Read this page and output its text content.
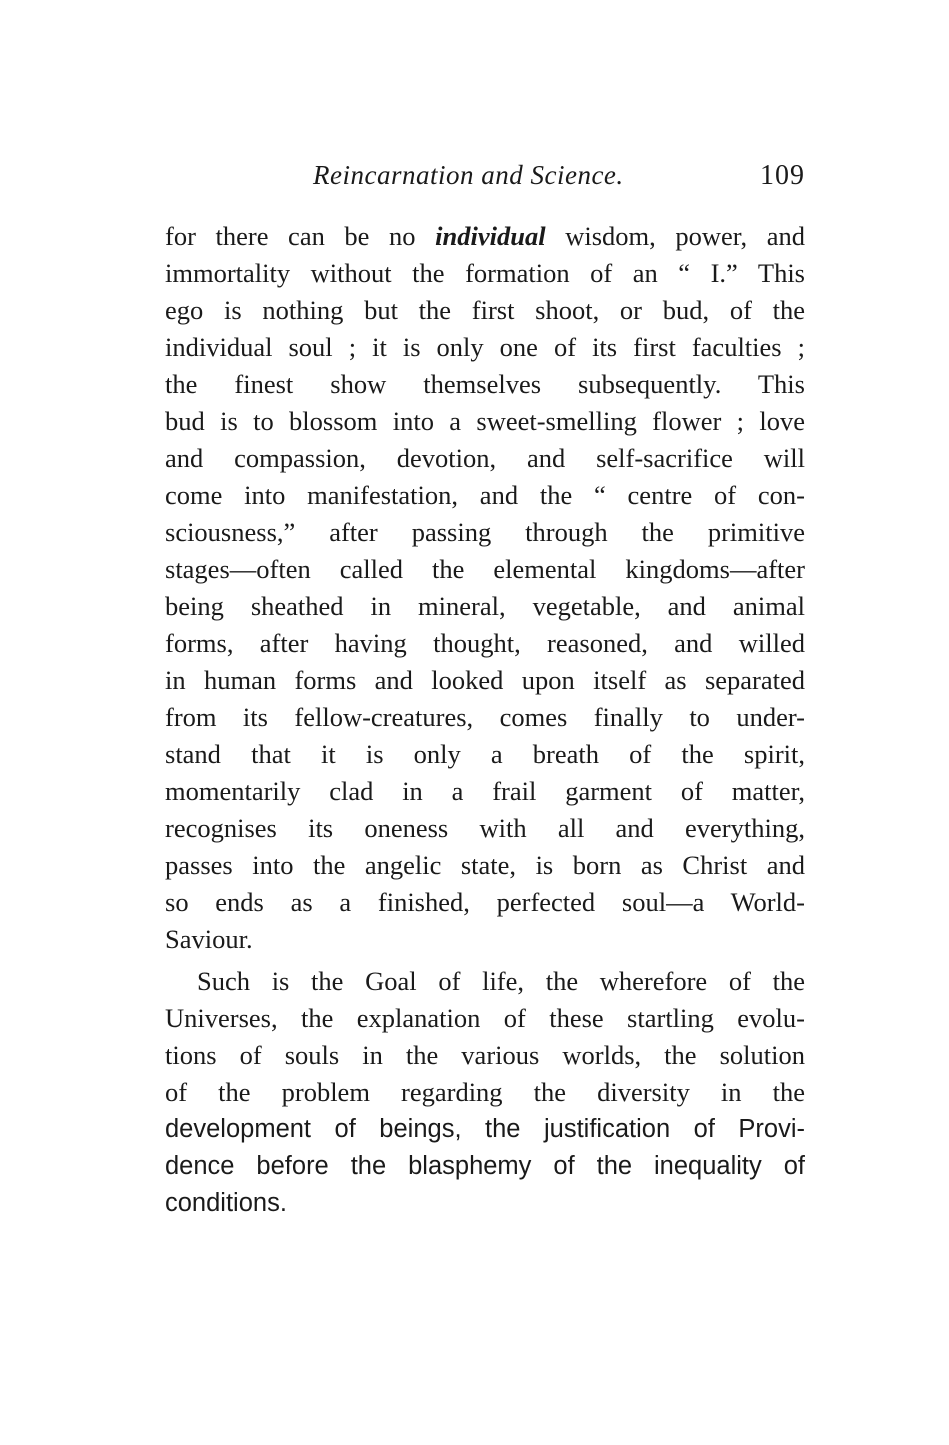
Reincarnation and Science.	109
for there can be no individual wisdom, power, and
immortality without the formation of an “ I.” This
ego is nothing but the first shoot, or bud, of the
individual soul ; it is only one of its first faculties ;
the finest show themselves subsequently. This
bud is to blossom into a sweet-smelling flower ; love
and compassion, devotion, and self-sacrifice will
come into manifestation, and the “ centre of con-
sciousness,” after passing through the primitive
stages—often called the elemental kingdoms—after
being sheathed in mineral, vegetable, and animal
forms, after having thought, reasoned, and willed
in human forms and looked upon itself as separated
from its fellow-creatures, comes finally to under-
stand that it is only a breath of the spirit,
momentarily clad in a frail garment of matter,
recognises its oneness with all and everything,
passes into the angelic state, is born as Christ and
so ends as a finished, perfected soul—a World-
Saviour.
Such is the Goal of life, the wherefore of the
Universes, the explanation of these startling evolu-
tions of souls in the various worlds, the solution
of the problem regarding the diversity in the
development of beings, the justification of Provi-
dence before the blasphemy of the inequality of
conditions.
